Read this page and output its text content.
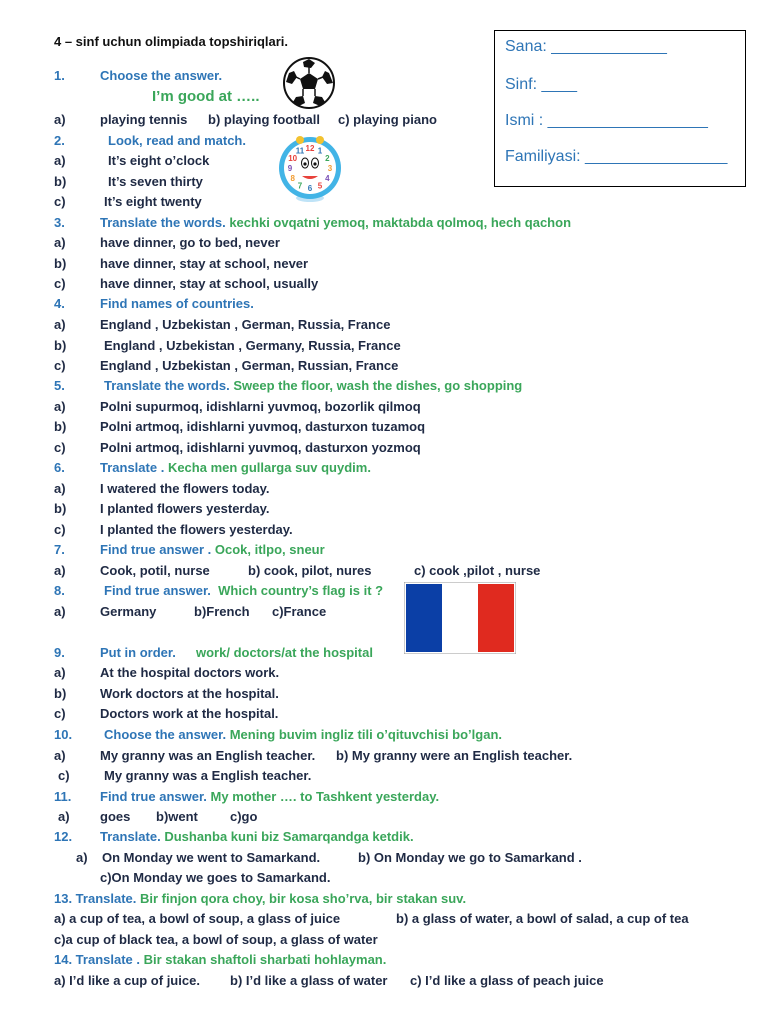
4 – sinf uchun olimpiada topshiriqlari.	Sana: _____________
Sinf: ____
Ismi : __________________
Familiyasi: ________________
1.	Choose the answer.
I’m good at …..
a)	playing tennis b) playing football c) playing piano
2.	Look, read and match.
12 1
2
3
4
5
6
7
8
9
10
11
a)	It’s eight o’clock
b)	It’s seven thirty
c)	It’s eight twenty
3.	Translate the words. kechki ovqatni yemoq, maktabda qolmoq, hech qachon
a)	have dinner, go to bed, never
b)	have dinner, stay at school, never
c)	have dinner, stay at school, usually
4.	Find names of countries.
a)	England , Uzbekistan , German, Russia, France
b)	England , Uzbekistan , Germany, Russia, France
c)	England , Uzbekistan , German, Russian, France
5.	Translate the words. Sweep the floor, wash the dishes, go shopping
a)	Polni supurmoq, idishlarni yuvmoq, bozorlik qilmoq
b)	Polni artmoq, idishlarni yuvmoq, dasturxon tuzamoq
c)	Polni artmoq, idishlarni yuvmoq, dasturxon yozmoq
6.	Translate . Kecha men gullarga suv quydim.
a)	I watered the flowers today.
b)	I planted flowers yesterday.
c)	I planted the flowers yesterday.
7.	Find true answer . Ocok, itlpo, sneur
a)	Cook, potil, nurse	b) cook, pilot, nures	c) cook ,pilot , nurse
8.	Find true answer. Which country’s flag is it ?
a)	Germany	b)French c)France
9.	Put in order. work/ doctors/at the hospital
a)	At the hospital doctors work.
b)	Work doctors at the hospital.
c)	Doctors work at the hospital.
10. Choose the answer. Mening buvim ingliz tili o’qituvchisi bo’lgan.
a)	My granny was an English teacher. b) My granny were an English teacher.
c)	My granny was a English teacher.
11. Find true answer. My mother …. to Tashkent yesterday.
a) goes b)went c)go
12. Translate. Dushanba kuni biz Samarqandga ketdik.
a) On Monday we went to Samarkand.	b) On Monday we go to Samarkand .
c)On Monday we goes to Samarkand.
13. Translate. Bir finjon qora choy, bir kosa sho’rva, bir stakan suv.
a) a cup of tea, a bowl of soup, a glass of juice	b) a glass of water, a bowl of salad, a cup of tea
c)a cup of black tea, a bowl of soup, a glass of water
14. Translate . Bir stakan shaftoli sharbati hohlayman.
a) I’d like a cup of juice. b) I’d like a glass of water c) I’d like a glass of peach juice
